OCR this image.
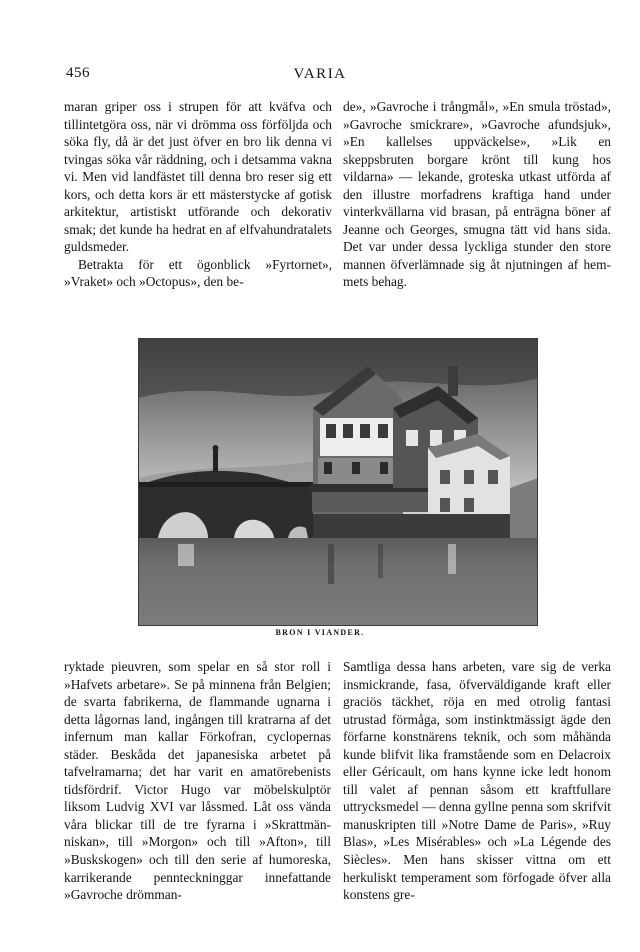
456	VARIA

maran griper oss i strupen för att kväfva och tillintetgöra oss, när vi drömma oss förföljda och söka fly, då är det just öfver en bro lik denna vi tvingas söka vår räddning, och i detsamma vakna vi. Men vid landfästet till denna bro reser sig ett kors, och detta kors är ett mästerstycke af gotisk arkitektur, artistiskt utförande och dekorativ smak; det kunde ha hedrat en af elfvahundratalets guldsmeder.

Betrakta för ett ögonblick »Fyrtornet», »Vraket» och »Octopus», den be-

de», »Gavroche i trångmål», »En smula tröstad», »Gavroche smickrare», »Gavroche afundsjuk», »En kallelses uppväckelse», »Lik en skeppsbruten borgare krönt till kung hos vildarna» — lekande, groteska utkast utförda af den illustre morfadrens kraftiga hand under vinterkvällarna vid brasan, på enträgna böner af Jeanne och Georges, smugna tätt vid hans sida. Det var under dessa lyckliga stunder den store mannen öfverlämnade sig åt njutningen af hemmets behag.

BRON I VIANDER.

ryktade pieuvren, som spelar en så stor roll i »Hafvets arbetare». Se på minnena från Belgien; de svarta fabrikerna, de flammande ugnarna i detta lågornas land, ingången till kratrarna af det infernum man kallar Förkofran, cyclopernas städer. Beskåda det japanesiska arbetet på tafvelramarna; det har varit en amatörebenists tidsfördrif. Victor Hugo var möbelskulptör liksom Ludvig XVI var låssmed. Låt oss vända våra blickar till de tre fyrarna i »Skrattmänniskan», till »Morgon» och till »Afton», till »Buskskogen» och till den serie af humoreska, karrikerande pennteckninggar innefattande »Gavroche drömman-

Samtliga dessa hans arbeten, vare sig de verka insmickrande, fasa, öfverväldigande kraft eller graciös täckhet, röja en med otrolig fantasi utrustad förmåga, som instinktmässigt ägde den förfarne konstnärens teknik, och som måhända kunde blifvit lika framstående som en Delacroix eller Géricault, om hans kynne icke ledt honom till valet af pennan såsom ett kraftfullare uttrycksmedel — denna gyllne penna som skrifvit manuskripten till »Notre Dame de Paris», »Ruy Blas», »Les Misérables» och »La Légende des Siècles». Men hans skisser vittna om ett herkuliskt temperament som förfogade öfver alla konstens gre-
